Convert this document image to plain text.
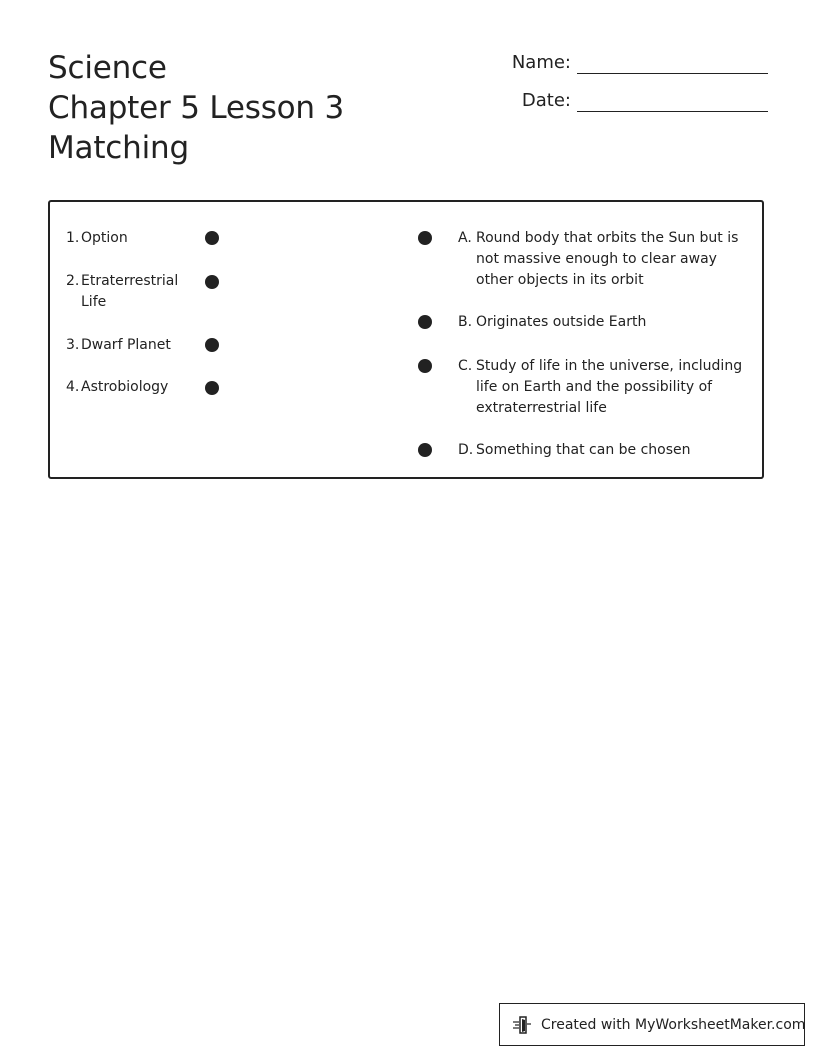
Science
Chapter 5 Lesson 3
Matching
Name:
Date:
1. Option
2. Etraterrestrial Life
3. Dwarf Planet
4. Astrobiology
A. Round body that orbits the Sun but is not massive enough to clear away other objects in its orbit
B. Originates outside Earth
C. Study of life in the universe, including life on Earth and the possibility of extraterrestrial life
D. Something that can be chosen
Created with MyWorksheetMaker.com
